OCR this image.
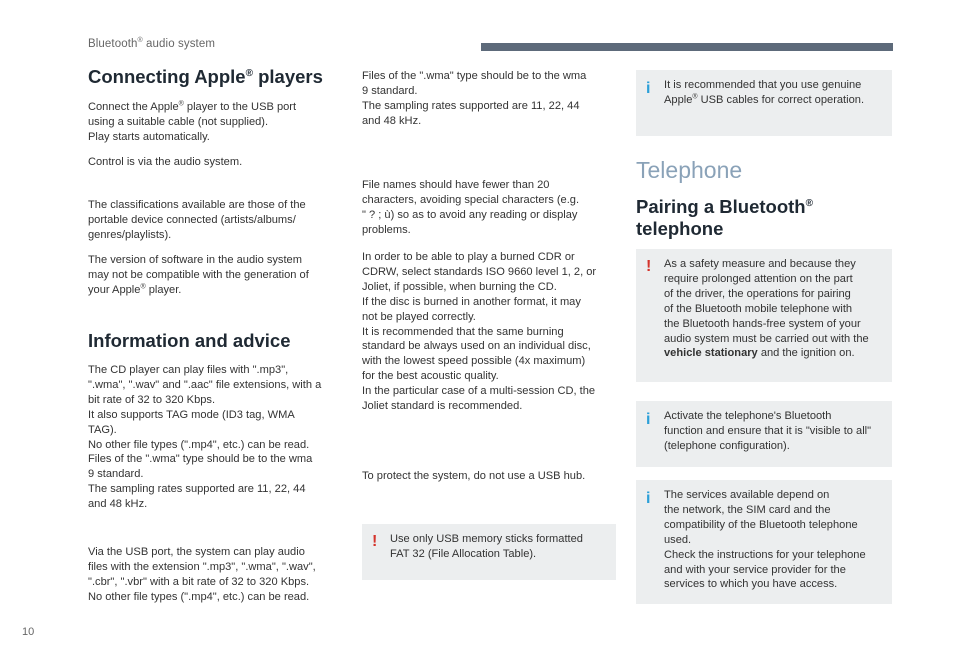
Bluetooth® audio system
Connecting Apple® players

Connect the Apple® player to the USB port
using a suitable cable (not supplied).
Play starts automatically.

Control is via the audio system.

The classifications available are those of the
portable device connected (artists/albums/
genres/playlists).

The version of software in the audio system
may not be compatible with the generation of
your Apple® player.

Information and advice

The CD player can play files with ".mp3",
".wma", ".wav" and ".aac" file extensions, with a
bit rate of 32 to 320 Kbps.
It also supports TAG mode (ID3 tag, WMA
TAG).
No other file types (".mp4", etc.) can be read.
Files of the ".wma" type should be to the wma
9 standard.
The sampling rates supported are 11, 22, 44
and 48 kHz.

Via the USB port, the system can play audio
files with the extension ".mp3", ".wma", ".wav",
".cbr", ".vbr" with a bit rate of 32 to 320 Kbps.
No other file types (".mp4", etc.) can be read.

Files of the ".wma" type should be to the wma
9 standard.
The sampling rates supported are 11, 22, 44
and 48 kHz.

File names should have fewer than 20
characters, avoiding special characters (e.g.
" ? ; ù) so as to avoid any reading or display
problems.

In order to be able to play a burned CDR or
CDRW, select standards ISO 9660 level 1, 2, or
Joliet, if possible, when burning the CD.
If the disc is burned in another format, it may
not be played correctly.
It is recommended that the same burning
standard be always used on an individual disc,
with the lowest speed possible (4x maximum)
for the best acoustic quality.
In the particular case of a multi-session CD, the
Joliet standard is recommended.

To protect the system, do not use a USB hub.

! Use only USB memory sticks formatted
FAT 32 (File Allocation Table).

i It is recommended that you use genuine
Apple® USB cables for correct operation.

Telephone
Pairing a Bluetooth®
telephone
! As a safety measure and because they
require prolonged attention on the part
of the driver, the operations for pairing
of the Bluetooth mobile telephone with
the Bluetooth hands-free system of your
audio system must be carried out with the
vehicle stationary and the ignition on.

i Activate the telephone's Bluetooth
function and ensure that it is "visible to all"
(telephone configuration).

i The services available depend on
the network, the SIM card and the
compatibility of the Bluetooth telephone
used.
Check the instructions for your telephone
and with your service provider for the
services to which you have access.

10
